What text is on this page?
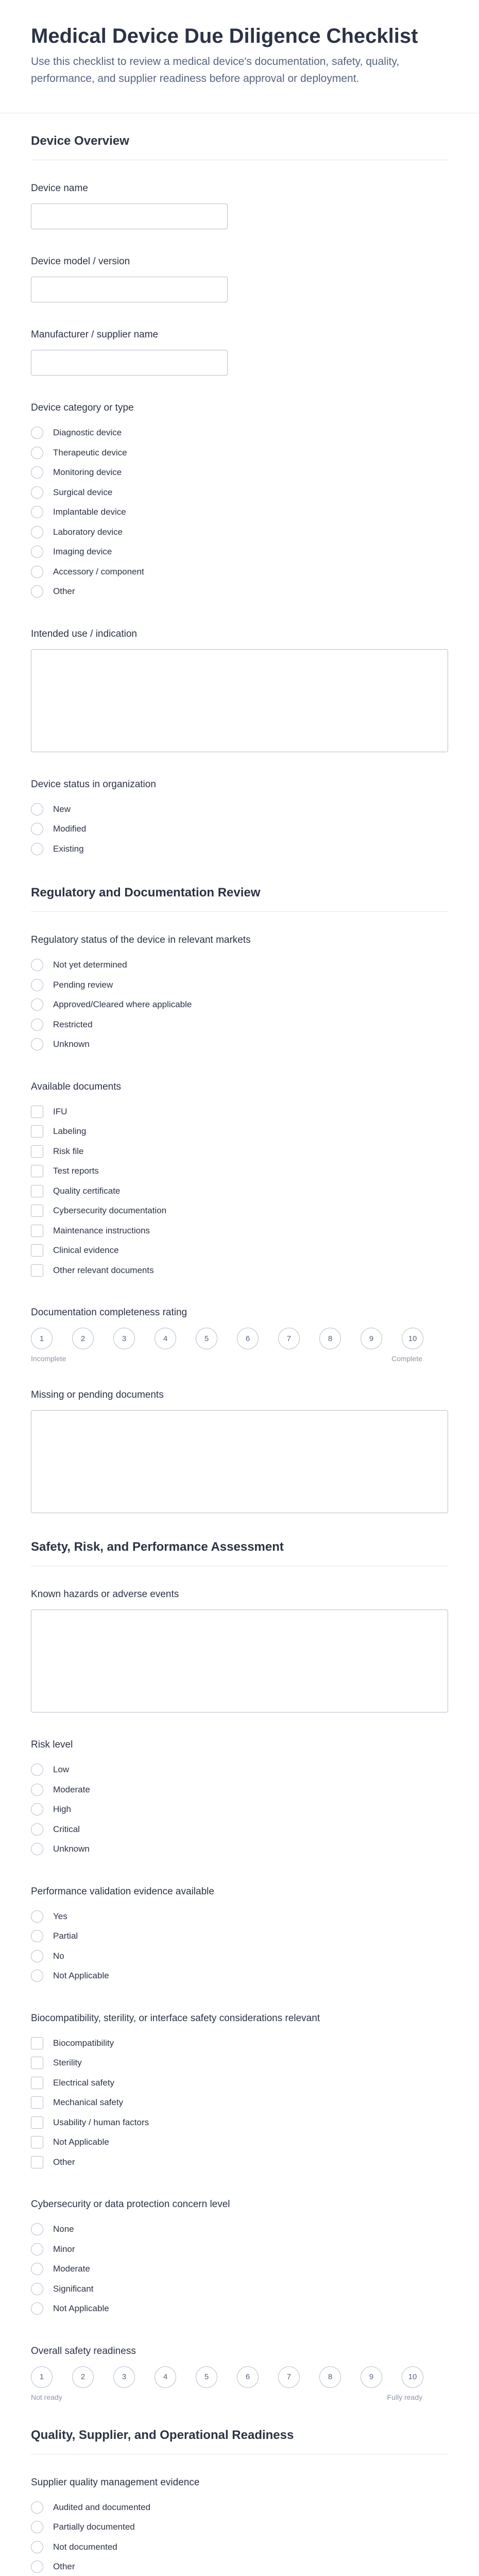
Medical Device Due Diligence Checklist

Use this checklist to review a medical device's documentation, safety, quality, performance, and supplier readiness before approval or deployment.

Device Overview
Device name
Device model / version
Manufacturer / supplier name
Device category or type
Diagnostic device
Therapeutic device
Monitoring device
Surgical device
Implantable device
Laboratory device
Imaging device
Accessory / component
Other
Intended use / indication
Device status in organization
New
Modified
Existing
Regulatory and Documentation Review
Regulatory status of the device in relevant markets
Not yet determined
Pending review
Approved/Cleared where applicable
Restricted
Unknown
Available documents
IFU
Labeling
Risk file
Test reports
Quality certificate
Cybersecurity documentation
Maintenance instructions
Clinical evidence
Other relevant documents
Documentation completeness rating
1	2	3	4	5	6	7	8	9	10
Incomplete	Complete
Missing or pending documents
Safety, Risk, and Performance Assessment
Known hazards or adverse events
Risk level
Low
Moderate
High
Critical
Unknown
Performance validation evidence available
Yes
Partial
No
Not Applicable
Biocompatibility, sterility, or interface safety considerations relevant
Biocompatibility
Sterility
Electrical safety
Mechanical safety
Usability / human factors
Not Applicable
Other
Cybersecurity or data protection concern level
None
Minor
Moderate
Significant
Not Applicable
Overall safety readiness
1	2	3	4	5	6	7	8	9	10
Not ready	Fully ready
Quality, Supplier, and Operational Readiness
Supplier quality management evidence
Audited and documented
Partially documented
Not documented
Other
